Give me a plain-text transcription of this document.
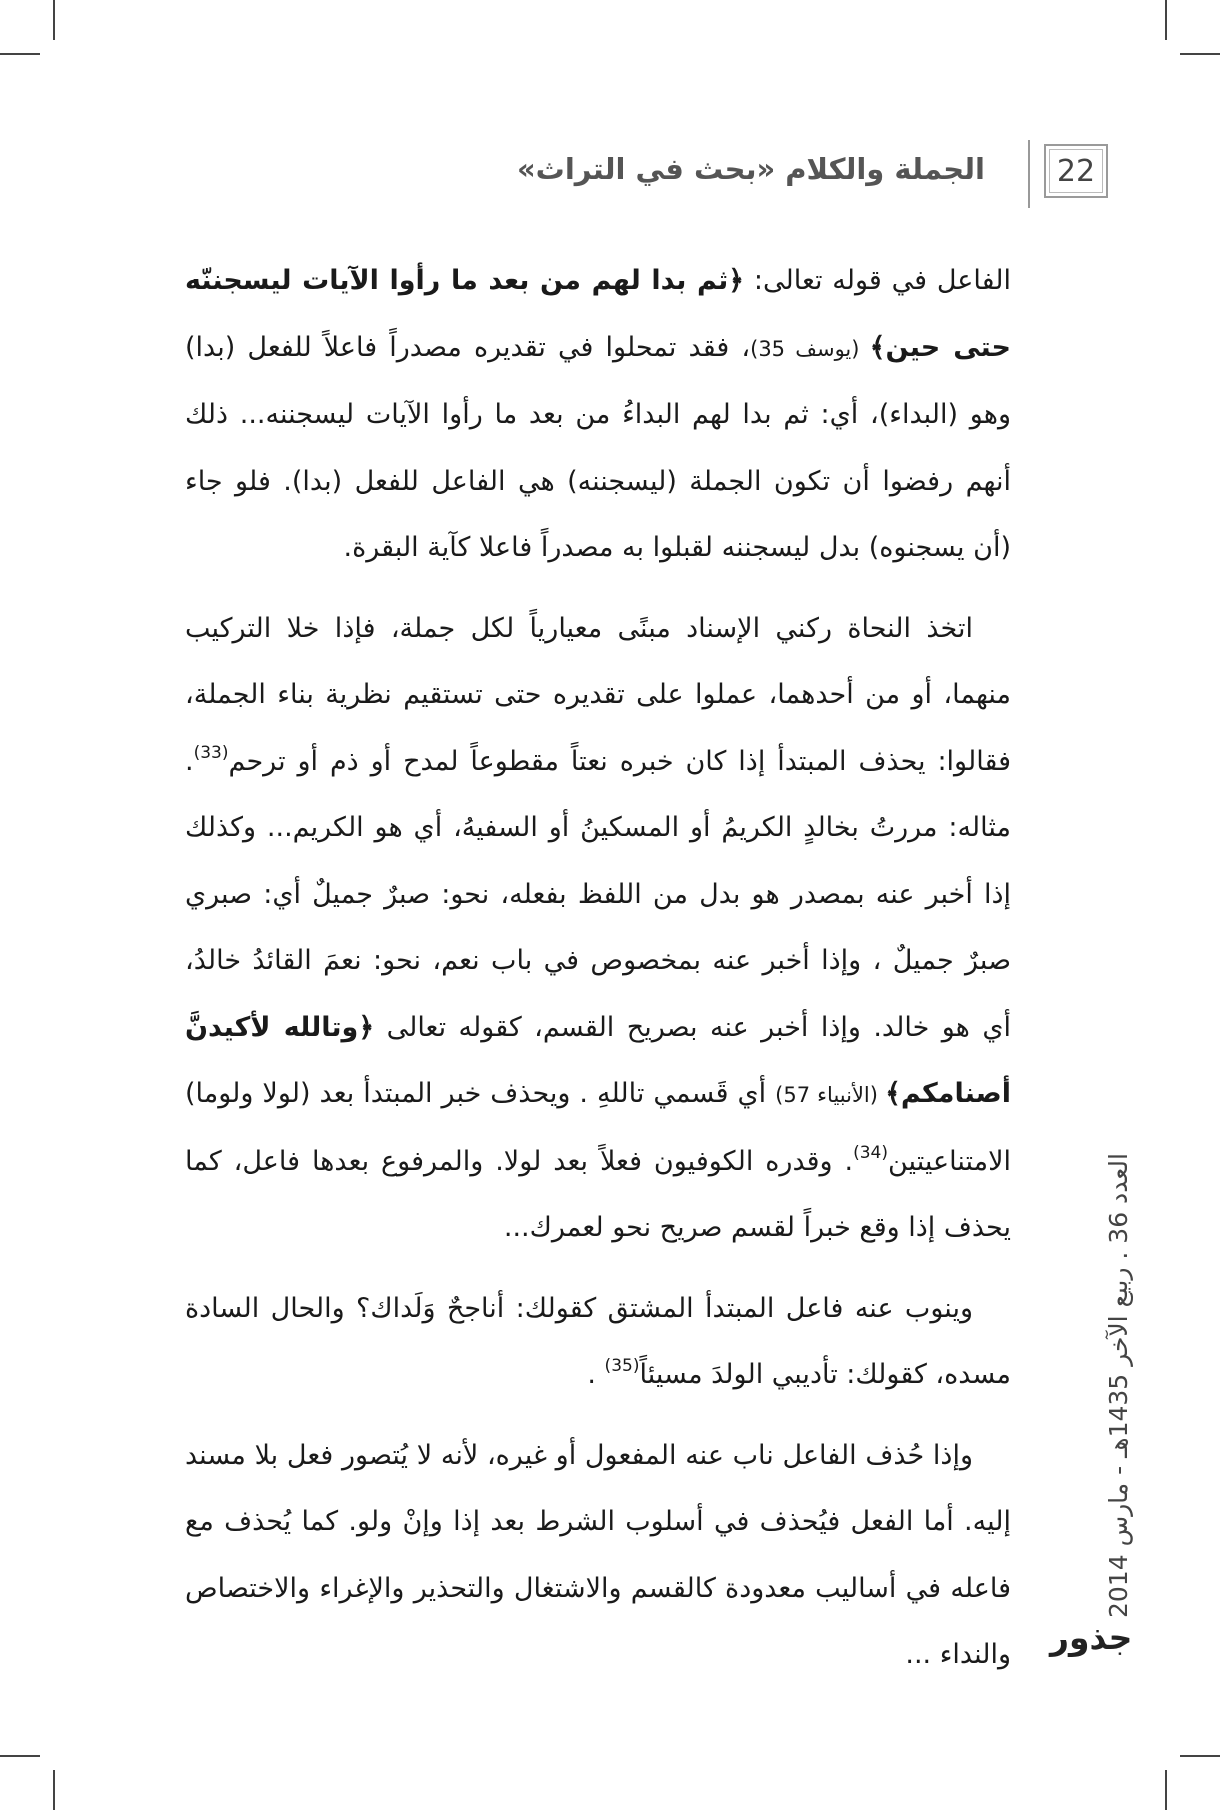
22
الجملة والكلام «بحث في التراث»

الفاعل في قوله تعالى: ﴿ثم بدا لهم من بعد ما رأوا الآيات ليسجننّه حتى حين﴾ (يوسف 35)، فقد تمحلوا في تقديره مصدراً فاعلاً للفعل (بدا) وهو (البداء)، أي: ثم بدا لهم البداءُ من بعد ما رأوا الآيات ليسجننه... ذلك أنهم رفضوا أن تكون الجملة (ليسجننه) هي الفاعل للفعل (بدا). فلو جاء (أن يسجنوه) بدل ليسجننه لقبلوا به مصدراً فاعلا كآية البقرة.

اتخذ النحاة ركني الإسناد مبنًى معيارياً لكل جملة، فإذا خلا التركيب منهما، أو من أحدهما، عملوا على تقديره حتى تستقيم نظرية بناء الجملة، فقالوا: يحذف المبتدأ إذا كان خبره نعتاً مقطوعاً لمدح أو ذم أو ترحم$^{(33)}$. مثاله: مررتُ بخالدٍ الكريمُ أو المسكينُ أو السفيهُ، أي هو الكريم... وكذلك إذا أخبر عنه بمصدر هو بدل من اللفظ بفعله، نحو: صبرٌ جميلٌ أي: صبري صبرٌ جميلٌ ، وإذا أخبر عنه بمخصوص في باب نعم، نحو: نعمَ القائدُ خالدُ، أي هو خالد. وإذا أخبر عنه بصريح القسم، كقوله تعالى ﴿وتالله لأكيدنَّ أصنامكم﴾ (الأنبياء 57) أي قَسمي تاللهِ . ويحذف خبر المبتدأ بعد (لولا ولوما) الامتناعيتين$^{(34)}$. وقدره الكوفيون فعلاً بعد لولا. والمرفوع بعدها فاعل، كما يحذف إذا وقع خبراً لقسم صريح نحو لعمرك...

وينوب عنه فاعل المبتدأ المشتق كقولك: أناجحٌ وَلَداك؟ والحال السادة مسده، كقولك: تأديبي الولدَ مسيئاً$^{(35)}$ .

وإذا حُذف الفاعل ناب عنه المفعول أو غيره، لأنه لا يُتصور فعل بلا مسند إليه. أما الفعل فيُحذف في أسلوب الشرط بعد إذا وإنْ ولو. كما يُحذف مع فاعله في أساليب معدودة كالقسم والاشتغال والتحذير والإغراء والاختصاص والنداء ...

العدد 36 . ربيع الآخر 1435هـ - مارس 2014
جذور
